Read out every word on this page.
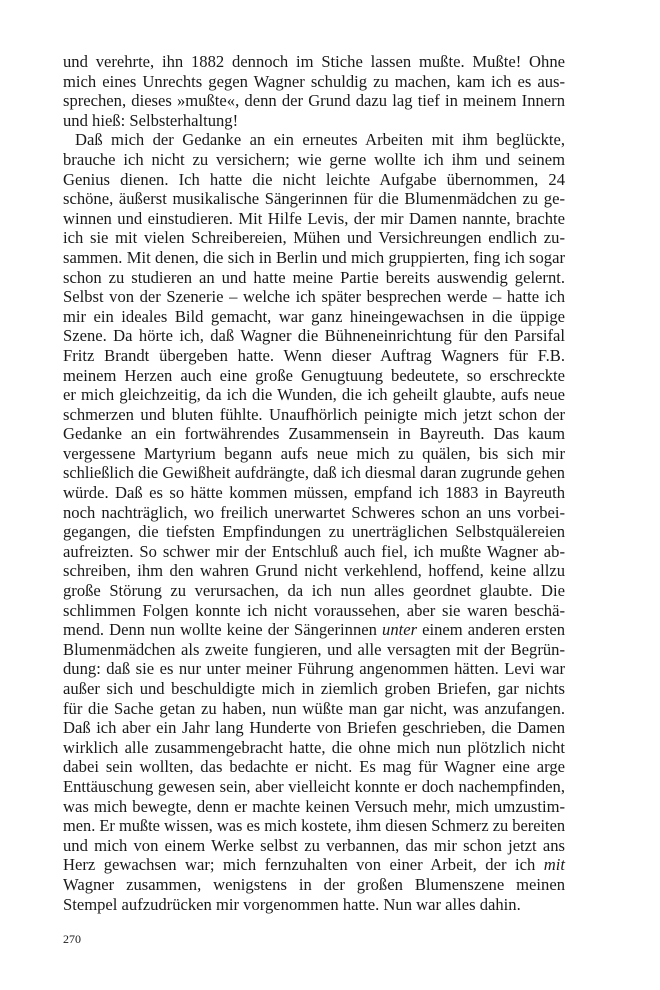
und verehrte, ihn 1882 dennoch im Stiche lassen mußte. Mußte! Ohne
mich eines Unrechts gegen Wagner schuldig zu machen, kam ich es aus-
sprechen, dieses »mußte«, denn der Grund dazu lag tief in meinem Innern
und hieß: Selbsterhaltung!
Daß mich der Gedanke an ein erneutes Arbeiten mit ihm beglückte,
brauche ich nicht zu versichern; wie gerne wollte ich ihm und seinem
Genius dienen. Ich hatte die nicht leichte Aufgabe übernommen, 24
schöne, äußerst musikalische Sängerinnen für die Blumenmädchen zu ge-
winnen und einstudieren. Mit Hilfe Levis, der mir Damen nannte, brachte
ich sie mit vielen Schreibereien, Mühen und Versichreungen endlich zu-
sammen. Mit denen, die sich in Berlin und mich gruppierten, fing ich sogar
schon zu studieren an und hatte meine Partie bereits auswendig gelernt.
Selbst von der Szenerie – welche ich später besprechen werde – hatte ich
mir ein ideales Bild gemacht, war ganz hineingewachsen in die üppige
Szene. Da hörte ich, daß Wagner die Bühneneinrichtung für den Parsifal
Fritz Brandt übergeben hatte. Wenn dieser Auftrag Wagners für F.B.
meinem Herzen auch eine große Genugtuung bedeutete, so erschreckte
er mich gleichzeitig, da ich die Wunden, die ich geheilt glaubte, aufs neue
schmerzen und bluten fühlte. Unaufhörlich peinigte mich jetzt schon der
Gedanke an ein fortwährendes Zusammensein in Bayreuth. Das kaum
vergessene Martyrium begann aufs neue mich zu quälen, bis sich mir
schließlich die Gewißheit aufdrängte, daß ich diesmal daran zugrunde gehen
würde. Daß es so hätte kommen müssen, empfand ich 1883 in Bayreuth
noch nachträglich, wo freilich unerwartet Schweres schon an uns vorbei-
gegangen, die tiefsten Empfindungen zu unerträglichen Selbstquälereien
aufreizten. So schwer mir der Entschluß auch fiel, ich mußte Wagner ab-
schreiben, ihm den wahren Grund nicht verkehlend, hoffend, keine allzu
große Störung zu verursachen, da ich nun alles geordnet glaubte. Die
schlimmen Folgen konnte ich nicht voraussehen, aber sie waren beschä-
mend. Denn nun wollte keine der Sängerinnen unter einem anderen ersten
Blumenmädchen als zweite fungieren, und alle versagten mit der Begrün-
dung: daß sie es nur unter meiner Führung angenommen hätten. Levi war
außer sich und beschuldigte mich in ziemlich groben Briefen, gar nichts
für die Sache getan zu haben, nun wüßte man gar nicht, was anzufangen.
Daß ich aber ein Jahr lang Hunderte von Briefen geschrieben, die Damen
wirklich alle zusammengebracht hatte, die ohne mich nun plötzlich nicht
dabei sein wollten, das bedachte er nicht. Es mag für Wagner eine arge
Enttäuschung gewesen sein, aber vielleicht konnte er doch nachempfinden,
was mich bewegte, denn er machte keinen Versuch mehr, mich umzustim-
men. Er mußte wissen, was es mich kostete, ihm diesen Schmerz zu bereiten
und mich von einem Werke selbst zu verbannen, das mir schon jetzt ans
Herz gewachsen war; mich fernzuhalten von einer Arbeit, der ich mit
Wagner zusammen, wenigstens in der großen Blumenszene meinen
Stempel aufzudrücken mir vorgenommen hatte. Nun war alles dahin.
270
